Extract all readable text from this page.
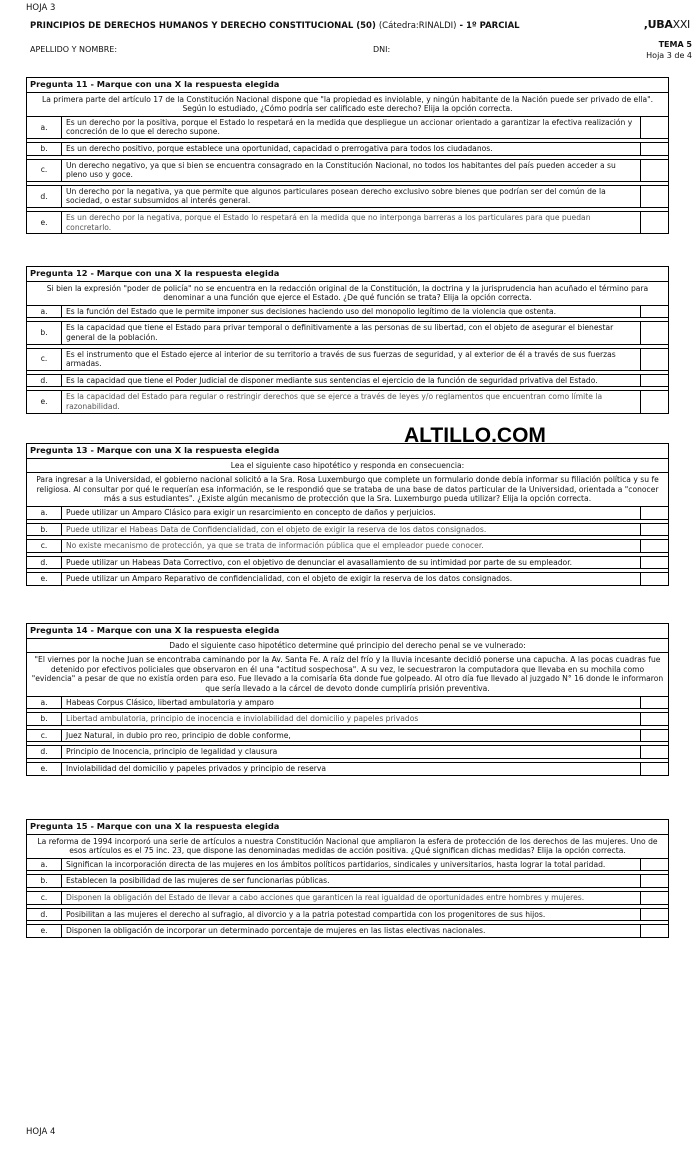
HOJA 3
PRINCIPIOS DE DERECHOS HUMANOS Y DERECHO CONSTITUCIONAL (50) (Cátedra:RINALDI) - 1º PARCIAL	,UBAXXI
APELLIDO Y NOMBRE:	DNI:
TEMA 5
Hoja 3 de 4
Pregunta 11 - Marque con una X la respuesta elegida		
La primera parte del artículo 17 de la Constitución Nacional dispone que "la propiedad es inviolable, y ningún habitante de la Nación puede ser privado de ella". Según lo estudiado, ¿Cómo podría ser calificado este derecho? Elija la opción correcta.		
a.	Es un derecho por la positiva, porque el Estado lo respetará en la medida que despliegue un accionar orientado a garantizar la efectiva realización y concreción de lo que el derecho supone.	

b.	Es un derecho positivo, porque establece una oportunidad, capacidad o prerrogativa para todos los ciudadanos.	

c.	Un derecho negativo, ya que si bien se encuentra consagrado en la Constitución Nacional, no todos los habitantes del país pueden acceder a su pleno uso y goce.	

d.	Un derecho por la negativa, ya que permite que algunos particulares posean derecho exclusivo sobre bienes que podrían ser del común de la sociedad, o estar subsumidos al interés general.	

e.	Es un derecho por la negativa, porque el Estado lo respetará en la medida que no interponga barreras a los particulares para que puedan concretarlo.	
Pregunta 12 - Marque con una X la respuesta elegida		
Si bien la expresión "poder de policía" no se encuentra en la redacción original de la Constitución, la doctrina y la jurisprudencia han acuñado el término para denominar a una función que ejerce el Estado. ¿De qué función se trata? Elija la opción correcta.		
a.	Es la función del Estado que le permite imponer sus decisiones haciendo uso del monopolio legítimo de la violencia que ostenta.	

b.	Es la capacidad que tiene el Estado para privar temporal o definitivamente a las personas de su libertad, con el objeto de asegurar el bienestar general de la población.	

c.	Es el instrumento que el Estado ejerce al interior de su territorio a través de sus fuerzas de seguridad, y al exterior de él a través de sus fuerzas armadas.	

d.	Es la capacidad que tiene el Poder Judicial de disponer mediante sus sentencias el ejercicio de la función de seguridad privativa del Estado.	

e.	Es la capacidad del Estado para regular o restringir derechos que se ejerce a través de leyes y/o reglamentos que encuentran como límite la razonabilidad.	
Pregunta 13 - Marque con una X la respuesta elegida		
Lea el siguiente caso hipotético y responda en consecuencia:		
Para ingresar a la Universidad, el gobierno nacional solicitó a la Sra. Rosa Luxemburgo que complete un formulario donde debía informar su filiación política y su fe religiosa. Al consultar por qué le requerían esa información, se le respondió que se trataba de una base de datos particular de la Universidad, orientada a "conocer más a sus estudiantes". ¿Existe algún mecanismo de protección que la Sra. Luxemburgo pueda utilizar? Elija la opción correcta.		
a.	Puede utilizar un Amparo Clásico para exigir un resarcimiento en concepto de daños y perjuicios.	

b.	Puede utilizar el Habeas Data de Confidencialidad, con el objeto de exigir la reserva de los datos consignados.	

c.	No existe mecanismo de protección, ya que se trata de información pública que el empleador puede conocer.	

d.	Puede utilizar un Habeas Data Correctivo, con el objetivo de denunciar el avasallamiento de su intimidad por parte de su empleador.	

e.	Puede utilizar un Amparo Reparativo de confidencialidad, con el objeto de exigir la reserva de los datos consignados.	
Pregunta 14 - Marque con una X la respuesta elegida		
Dado el siguiente caso hipotético determine qué principio del derecho penal se ve vulnerado:		
"El viernes por la noche Juan se encontraba caminando por la Av. Santa Fe. A raíz del frío y la lluvia incesante decidió ponerse una capucha. A las pocas cuadras fue detenido por efectivos policiales que observaron en él una "actitud sospechosa". A su vez, le secuestraron la computadora que llevaba en su mochila como "evidencia" a pesar de que no existía orden para eso. Fue llevado a la comisaría 6ta donde fue golpeado. Al otro día fue llevado al juzgado N° 16 donde le informaron que sería llevado a la cárcel de devoto donde cumpliría prisión preventiva.		
a.	Habeas Corpus Clásico, libertad ambulatoria y amparo	

b.	Libertad ambulatoria, principio de inocencia e inviolabilidad del domicilio y papeles privados	

c.	Juez Natural, in dubio pro reo, principio de doble conforme,	

d.	Principio de Inocencia, principio de legalidad y clausura	

e.	Inviolabilidad del domicilio y papeles privados y principio de reserva	
Pregunta 15 - Marque con una X la respuesta elegida		
La reforma de 1994 incorporó una serie de artículos a nuestra Constitución Nacional que ampliaron la esfera de protección de los derechos de las mujeres. Uno de esos artículos es el 75 inc. 23, que dispone las denominadas medidas de acción positiva. ¿Qué significan dichas medidas? Elija la opción correcta.		
a.	Significan la incorporación directa de las mujeres en los ámbitos políticos partidarios, sindicales y universitarios, hasta lograr la total paridad.	

b.	Establecen la posibilidad de las mujeres de ser funcionarias públicas.	

c.	Disponen la obligación del Estado de llevar a cabo acciones que garanticen la real igualdad de oportunidades entre hombres y mujeres.	

d.	Posibilitan a las mujeres el derecho al sufragio, al divorcio y a la patria potestad compartida con los progenitores de sus hijos.	

e.	Disponen la obligación de incorporar un determinado porcentaje de mujeres en las listas electivas nacionales.	
ALTILLO.COM
HOJA 4
